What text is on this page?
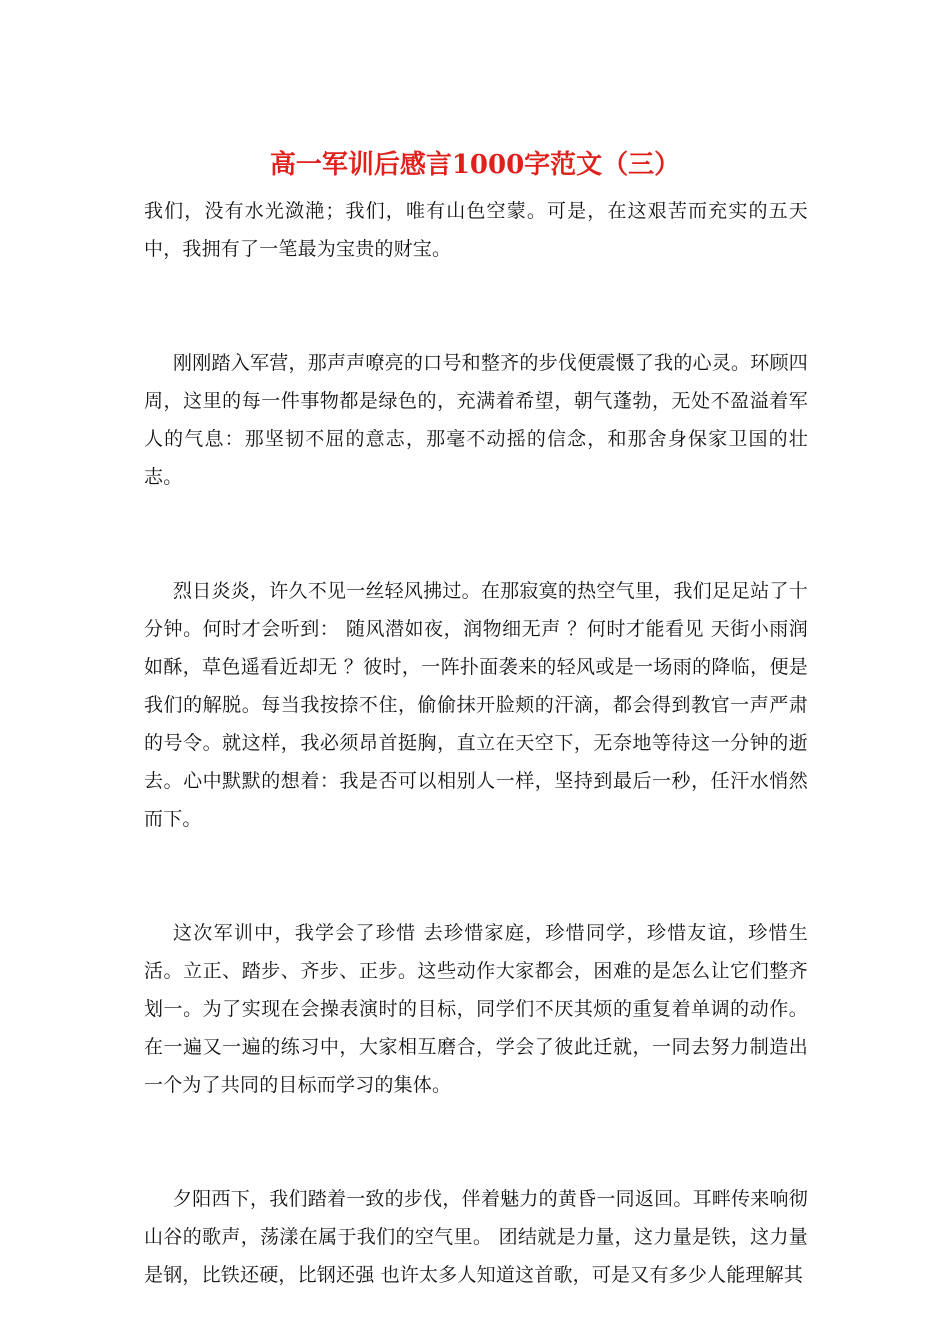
高一军训后感言1000字范文（三）

我们，没有水光潋滟；我们，唯有山色空蒙。可是，在这艰苦而充实的五天中，我拥有了一笔最为宝贵的财宝。

刚刚踏入军营，那声声嘹亮的口号和整齐的步伐便震慑了我的心灵。环顾四周，这里的每一件事物都是绿色的，充满着希望，朝气蓬勃，无处不盈溢着军人的气息：那坚韧不屈的意志，那毫不动摇的信念，和那舍身保家卫国的壮志。

烈日炎炎，许久不见一丝轻风拂过。在那寂寞的热空气里，我们足足站了十分钟。何时才会听到： 随风潜如夜，润物细无声 ？何时才能看见 天街小雨润如酥，草色遥看近却无 ？彼时，一阵扑面袭来的轻风或是一场雨的降临，便是我们的解脱。每当我按捺不住，偷偷抹开脸颊的汗滴，都会得到教官一声严肃的号令。就这样，我必须昂首挺胸，直立在天空下，无奈地等待这一分钟的逝去。心中默默的想着：我是否可以相别人一样，坚持到最后一秒，任汗水悄然而下。

这次军训中，我学会了珍惜 去珍惜家庭，珍惜同学，珍惜友谊，珍惜生活。立正、踏步、齐步、正步。这些动作大家都会，困难的是怎么让它们整齐划一。为了实现在会操表演时的目标，同学们不厌其烦的重复着单调的动作。在一遍又一遍的练习中，大家相互磨合，学会了彼此迁就，一同去努力制造出一个为了共同的目标而学习的集体。

夕阳西下，我们踏着一致的步伐，伴着魅力的黄昏一同返回。耳畔传来响彻山谷的歌声，荡漾在属于我们的空气里。 团结就是力量，这力量是铁，这力量是钢，比铁还硬，比钢还强 也许太多人知道这首歌，可是又有多少人能理解其
